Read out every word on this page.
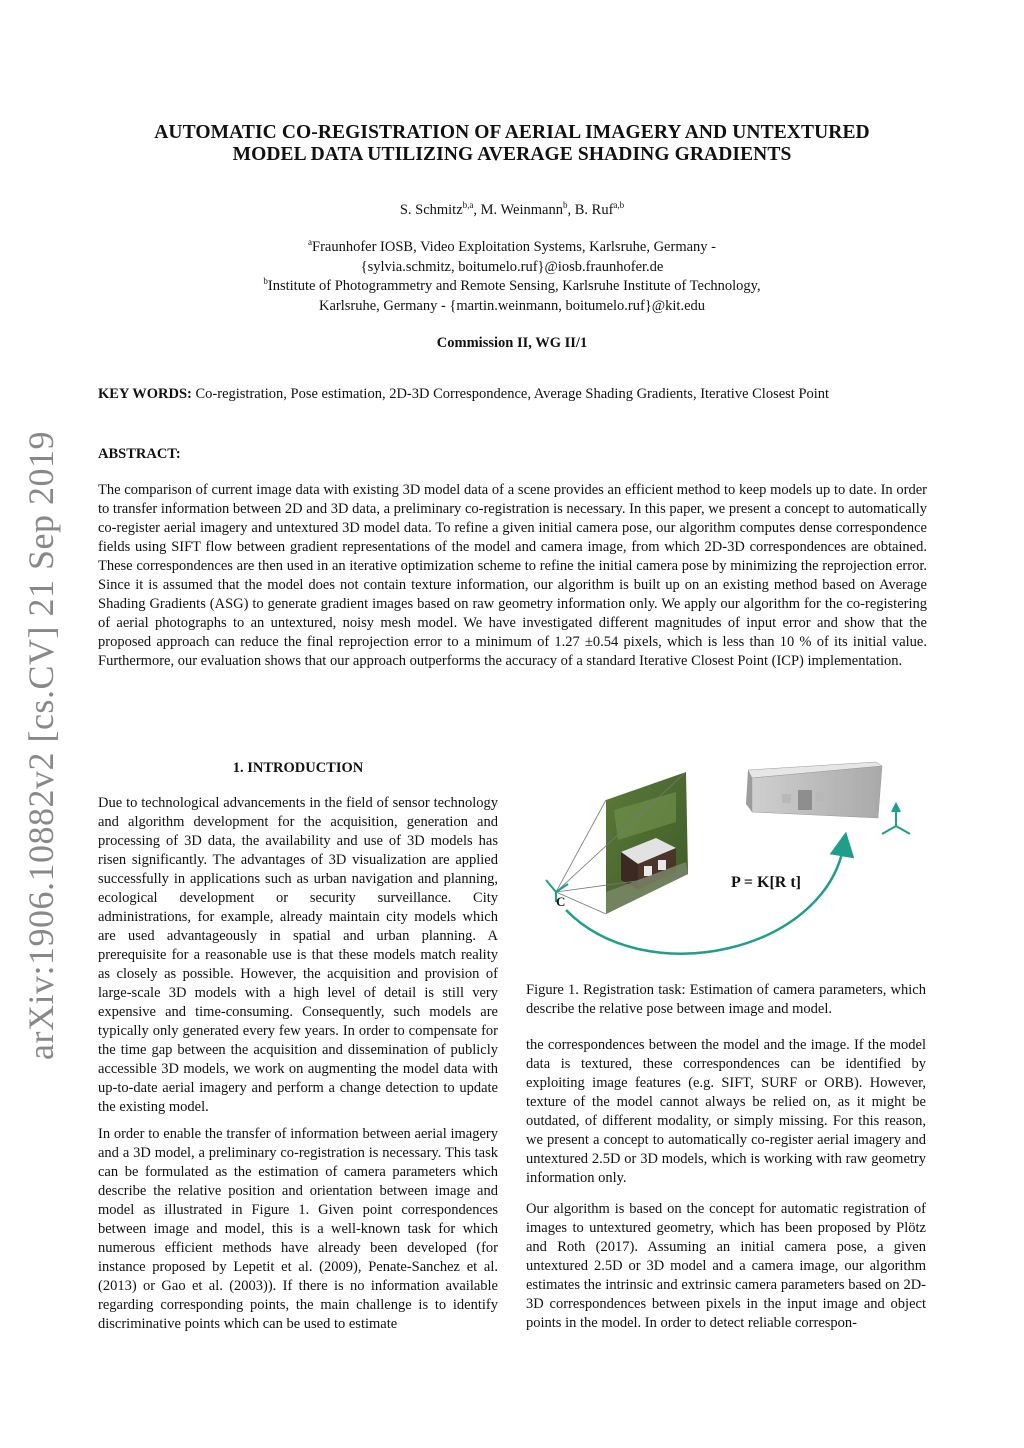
arXiv:1906.10882v2 [cs.CV] 21 Sep 2019
AUTOMATIC CO-REGISTRATION OF AERIAL IMAGERY AND UNTEXTURED
MODEL DATA UTILIZING AVERAGE SHADING GRADIENTS
S. Schmitz$^{b,a}$, M. Weinmann$^b$, B. Ruf$^{a,b}$
$^a$Fraunhofer IOSB, Video Exploitation Systems, Karlsruhe, Germany -
{sylvia.schmitz, boitumelo.ruf}@iosb.fraunhofer.de
$^b$Institute of Photogrammetry and Remote Sensing, Karlsruhe Institute of Technology,
Karlsruhe, Germany - {martin.weinmann, boitumelo.ruf}@kit.edu
Commission II, WG II/1
KEY WORDS: Co-registration, Pose estimation, 2D-3D Correspondence, Average Shading Gradients, Iterative Closest Point
ABSTRACT:
The comparison of current image data with existing 3D model data of a scene provides an efficient method to keep models up to date. In order to transfer information between 2D and 3D data, a preliminary co-registration is necessary. In this paper, we present a concept to automatically co-register aerial imagery and untextured 3D model data. To refine a given initial camera pose, our algorithm computes dense correspondence fields using SIFT flow between gradient representations of the model and camera image, from which 2D-3D correspondences are obtained. These correspondences are then used in an iterative optimization scheme to refine the initial camera pose by minimizing the reprojection error. Since it is assumed that the model does not contain texture information, our algorithm is built up on an existing method based on Average Shading Gradients (ASG) to generate gradient images based on raw geometry information only. We apply our algorithm for the co-registering of aerial photographs to an untextured, noisy mesh model. We have investigated different magnitudes of input error and show that the proposed approach can reduce the final reprojection error to a minimum of 1.27 ±0.54 pixels, which is less than 10 % of its initial value. Furthermore, our evaluation shows that our approach outperforms the accuracy of a standard Iterative Closest Point (ICP) implementation.
1. INTRODUCTION
Due to technological advancements in the field of sensor technology and algorithm development for the acquisition, generation and processing of 3D data, the availability and use of 3D models has risen significantly. The advantages of 3D visualization are applied successfully in applications such as urban navigation and planning, ecological development or security surveillance. City administrations, for example, already maintain city models which are used advantageously in spatial and urban planning. A prerequisite for a reasonable use is that these models match reality as closely as possible. However, the acquisition and provision of large-scale 3D models with a high level of detail is still very expensive and time-consuming. Consequently, such models are typically only generated every few years. In order to compensate for the time gap between the acquisition and dissemination of publicly accessible 3D models, we work on augmenting the model data with up-to-date aerial imagery and perform a change detection to update the existing model.
In order to enable the transfer of information between aerial imagery and a 3D model, a preliminary co-registration is necessary. This task can be formulated as the estimation of camera parameters which describe the relative position and orientation between image and model as illustrated in Figure 1. Given point correspondences between image and model, this is a well-known task for which numerous efficient methods have already been developed (for instance proposed by Lepetit et al. (2009), Penate-Sanchez et al. (2013) or Gao et al. (2003)). If there is no information available regarding corresponding points, the main challenge is to identify discriminative points which can be used to estimate
C
P = K[R t]
Figure 1. Registration task: Estimation of camera parameters, which describe the relative pose between image and model.
the correspondences between the model and the image. If the model data is textured, these correspondences can be identified by exploiting image features (e.g. SIFT, SURF or ORB). However, texture of the model cannot always be relied on, as it might be outdated, of different modality, or simply missing. For this reason, we present a concept to automatically co-register aerial imagery and untextured 2.5D or 3D models, which is working with raw geometry information only.
Our algorithm is based on the concept for automatic registration of images to untextured geometry, which has been proposed by Plötz and Roth (2017). Assuming an initial camera pose, a given untextured 2.5D or 3D model and a camera image, our algorithm estimates the intrinsic and extrinsic camera parameters based on 2D-3D correspondences between pixels in the input image and object points in the model. In order to detect reliable correspon-
